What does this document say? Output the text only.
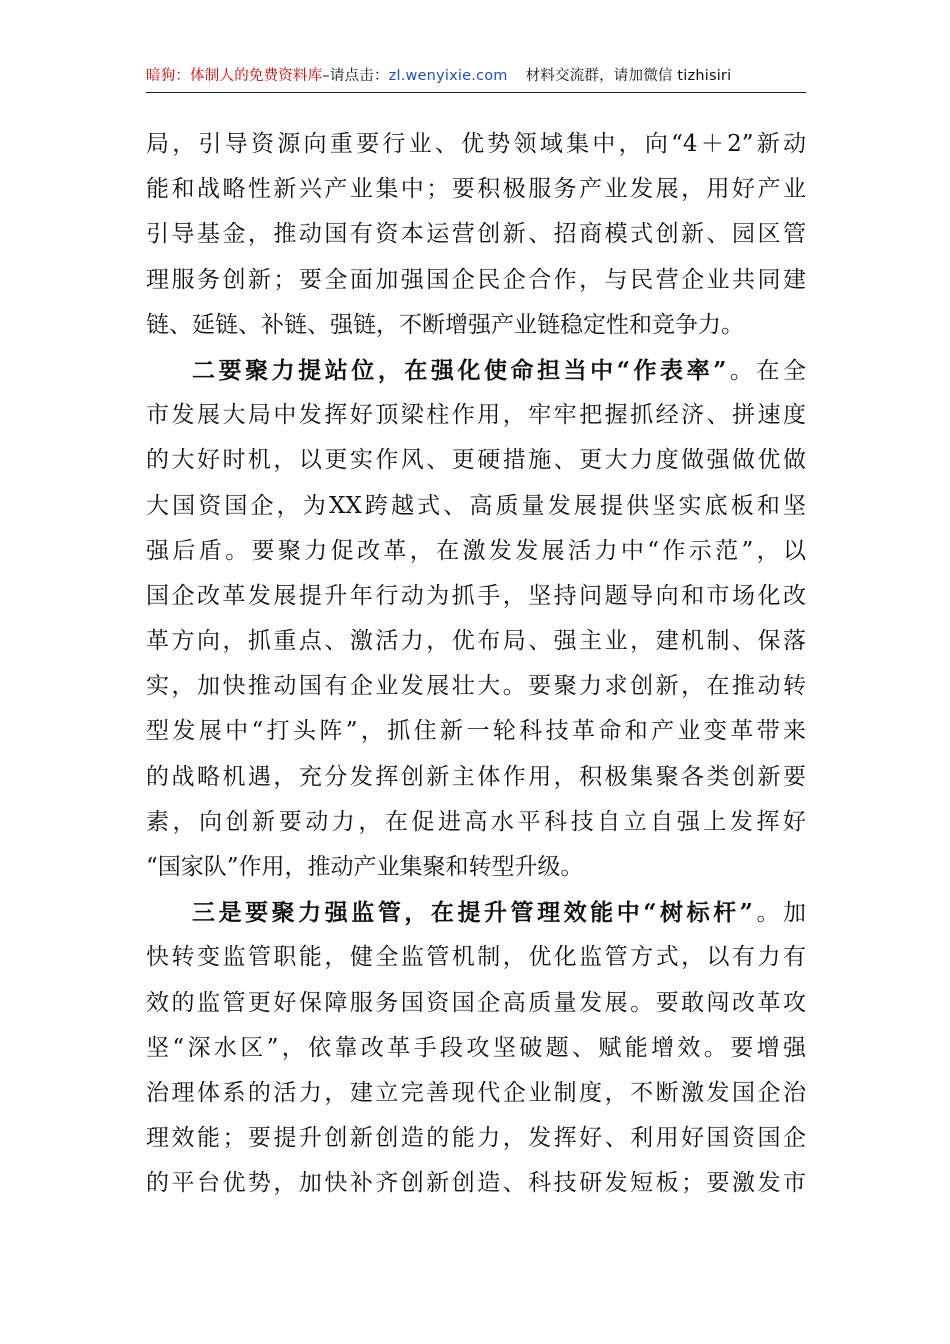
暗狗：体制人的免费资料库–请点击：zl.wenyixie.com 材料交流群，请加微信 tizhisiri
局，引导资源向重要行业、优势领域集中，向“4＋2”新动
能和战略性新兴产业集中；要积极服务产业发展，用好产业
引导基金，推动国有资本运营创新、招商模式创新、园区管
理服务创新；要全面加强国企民企合作，与民营企业共同建
链、延链、补链、强链，不断增强产业链稳定性和竞争力。
二要聚力提站位，在强化使命担当中“作表率”。在全
市发展大局中发挥好顶梁柱作用，牢牢把握抓经济、拼速度
的大好时机，以更实作风、更硬措施、更大力度做强做优做
大国资国企，为XX跨越式、高质量发展提供坚实底板和坚
强后盾。要聚力促改革，在激发发展活力中“作示范”，以
国企改革发展提升年行动为抓手，坚持问题导向和市场化改
革方向，抓重点、激活力，优布局、强主业，建机制、保落
实，加快推动国有企业发展壮大。要聚力求创新，在推动转
型发展中“打头阵”，抓住新一轮科技革命和产业变革带来
的战略机遇，充分发挥创新主体作用，积极集聚各类创新要
素，向创新要动力，在促进高水平科技自立自强上发挥好
“国家队”作用，推动产业集聚和转型升级。
三是要聚力强监管，在提升管理效能中“树标杆”。加
快转变监管职能，健全监管机制，优化监管方式，以有力有
效的监管更好保障服务国资国企高质量发展。要敢闯改革攻
坚“深水区”，依靠改革手段攻坚破题、赋能增效。要增强
治理体系的活力，建立完善现代企业制度，不断激发国企治
理效能；要提升创新创造的能力，发挥好、利用好国资国企
的平台优势，加快补齐创新创造、科技研发短板；要激发市
